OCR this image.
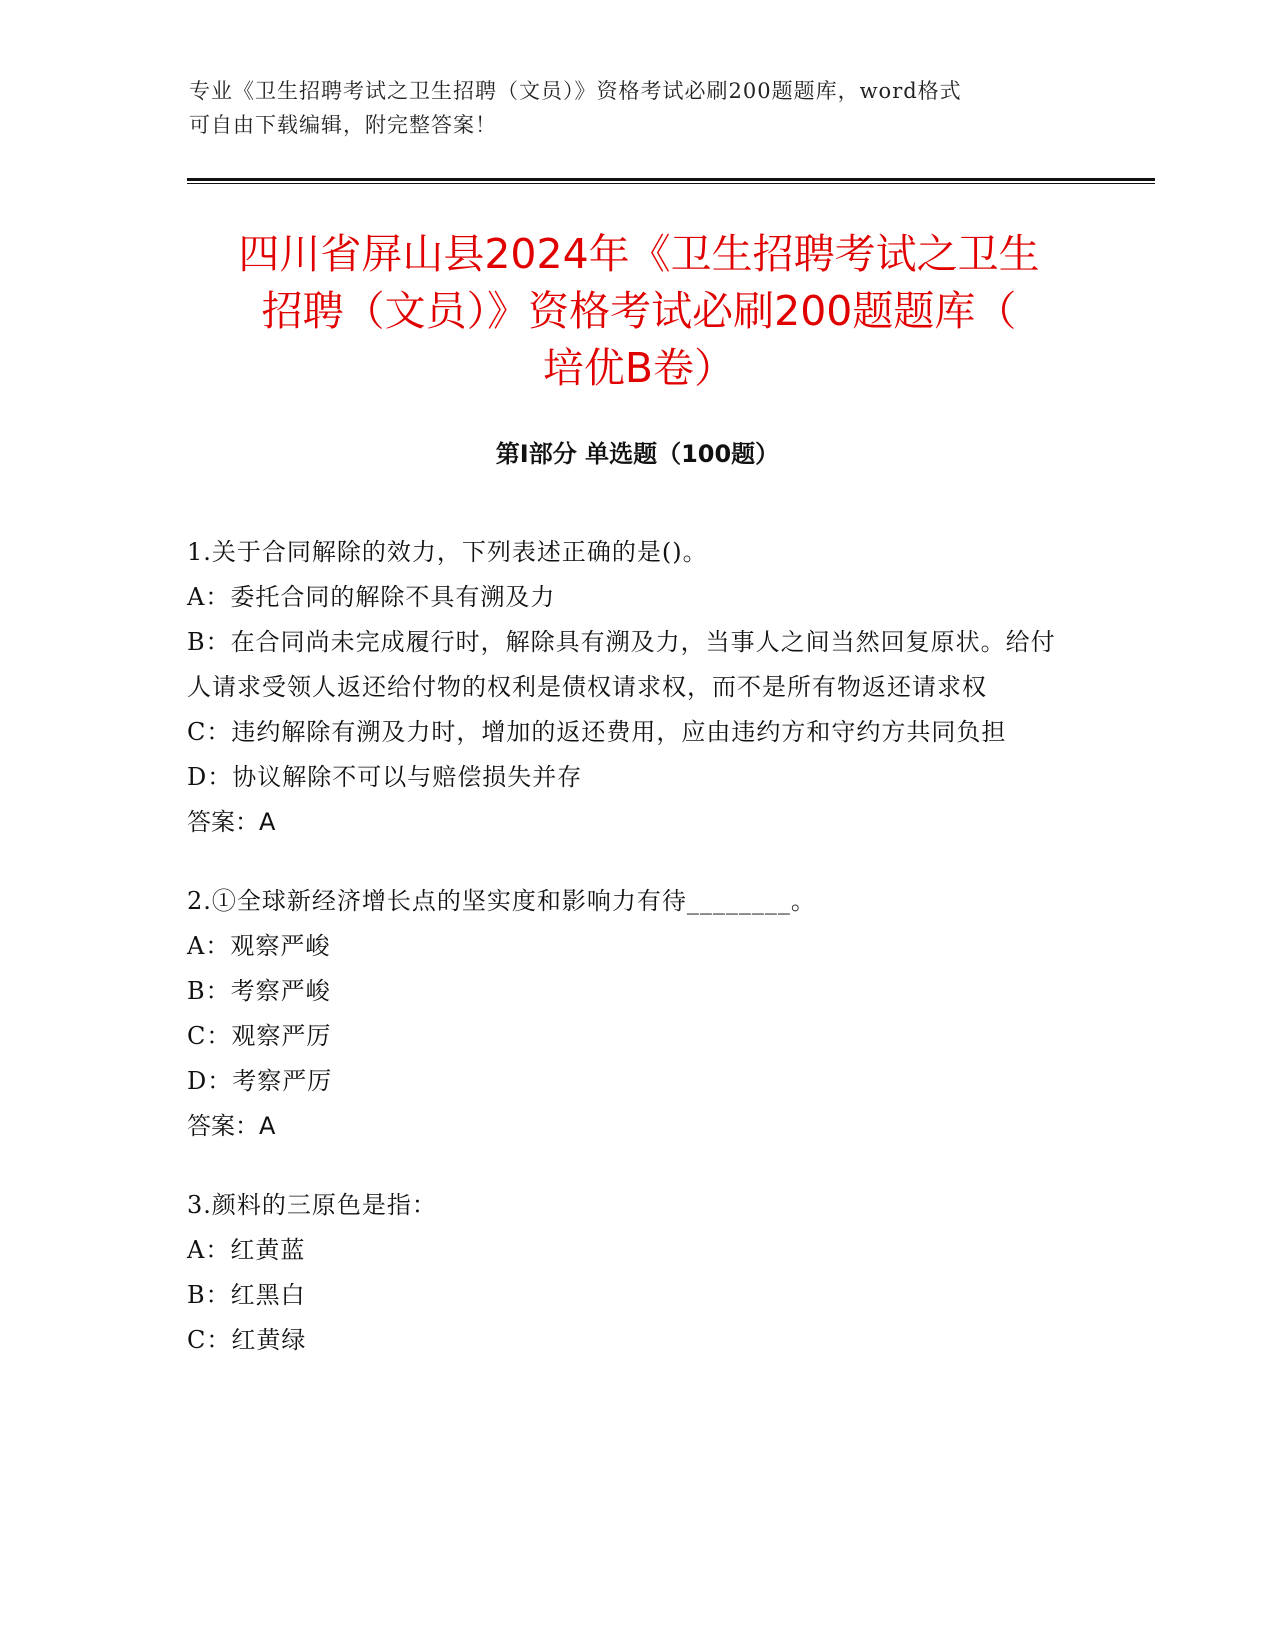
专业《卫生招聘考试之卫生招聘（文员）》资格考试必刷200题题库，word格式
可自由下载编辑，附完整答案！
四川省屏山县2024年《卫生招聘考试之卫生
招聘（文员）》资格考试必刷200题题库（
培优B卷）
第Ⅰ部分 单选题（100题）

1.关于合同解除的效力，下列表述正确的是()。

A：委托合同的解除不具有溯及力

B：在合同尚未完成履行时，解除具有溯及力，当事人之间当然回复原状。给付人请求受领人返还给付物的权利是债权请求权，而不是所有物返还请求权

C：违约解除有溯及力时，增加的返还费用，应由违约方和守约方共同负担

D：协议解除不可以与赔偿损失并存

答案：A

2.①全球新经济增长点的坚实度和影响力有待________。

A：观察严峻

B：考察严峻

C：观察严厉

D：考察严厉

答案：A

3.颜料的三原色是指：

A：红黄蓝

B：红黑白

C：红黄绿
